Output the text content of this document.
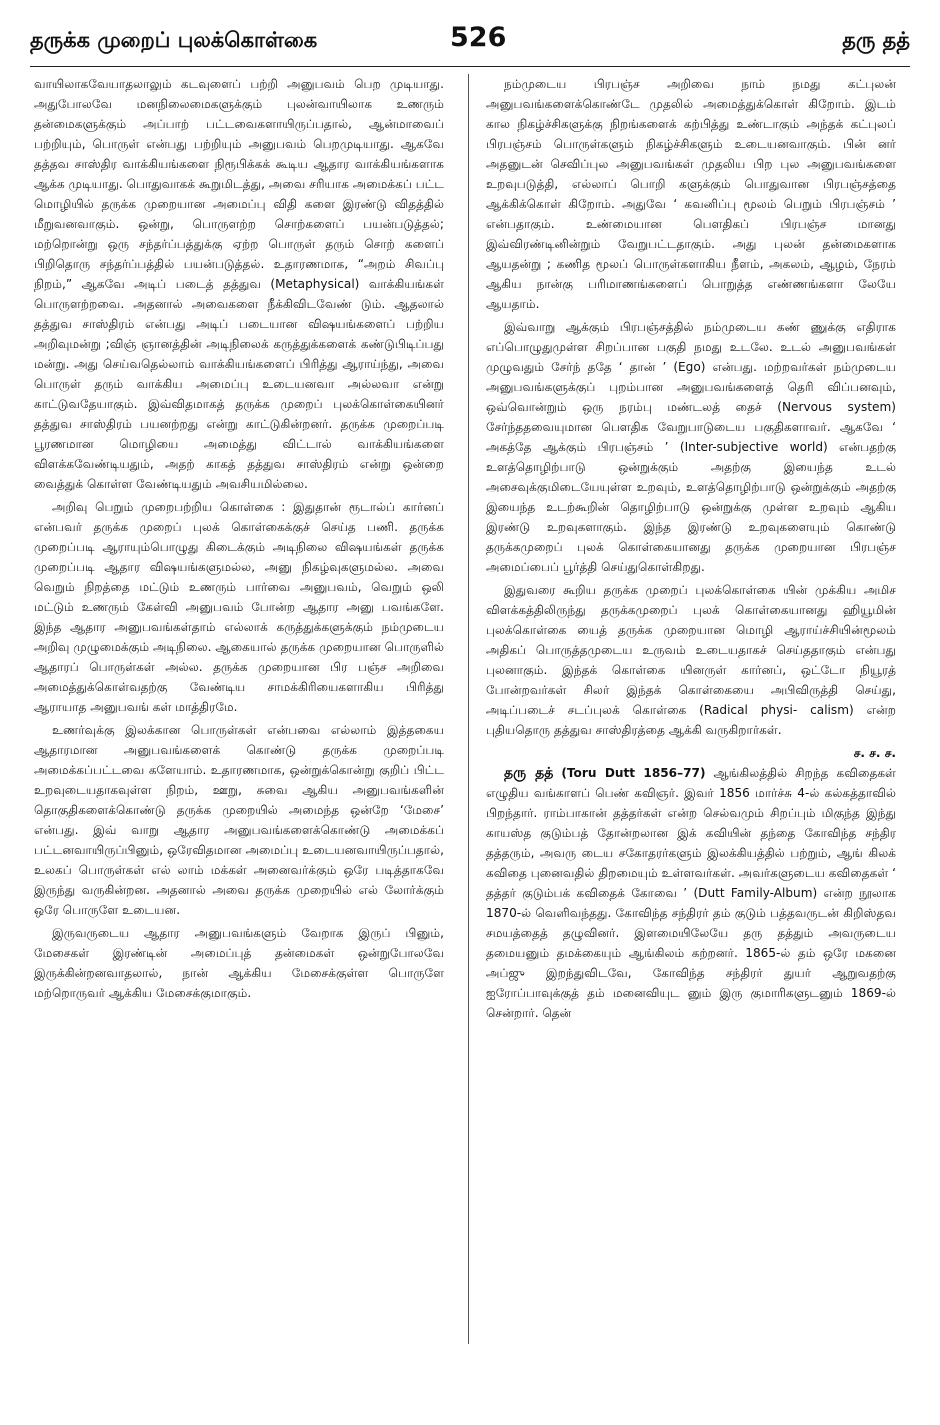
தருக்க முறைப் புலக்கொள்கை	526	தரு தத்

வாயிலாகவேயாதலாலும் கடவுளைப் பற்றி அனுபவம் பெற முடியாது. அதுபோலவே மனநிலைமைகளுக்கும் புலன்வாயிலாக உணரும் தன்மைகளுக்கும் அப்பாற் பட்டவைகளாயிருப்பதால், ஆன்மாவைப் பற்றியும், பொருள் என்பது பற்றியும் அனுபவம் பெறமுடியாது. ஆகவே தத்தவ சாஸ்திர வாக்கியங்களை நிரூபிக்கக் கூடிய ஆதார வாக்கியங்களாக ஆக்க முடியாது. பொதுவாகக் கூறுமிடத்து, அவை சரியாக அமைக்கப் பட்ட மொழியில் தருக்க முறையான அமைப்பு விதி களை இரண்டு விதத்தில் மீறுவனவாகும். ஒன்று, பொருளற்ற சொற்களைப் பயன்படுத்தல்; மற்றொன்று ஒரு சந்தர்ப்பத்துக்கு ஏற்ற பொருள் தரும் சொற் களைப் பிறிதொரு சந்தர்ப்பத்தில் பயன்படுத்தல். உதாரணமாக, “அறம் சிவப்பு நிறம்,” ஆகவே அடிப் படைத் தத்துவ (Metaphysical) வாக்கியங்கள் பொருளற்றவை. அதனால் அவைகளை நீக்கிவிடவேண் டும். ஆதலால் தத்துவ சாஸ்திரம் என்பது அடிப் படையான விஷயங்களைப் பற்றிய அறிவுமன்று ;விஞ் ஞானத்தின் அடிநிலைக் கருத்துக்களைக் கண்டுபிடிப்பது மன்று. அது செய்வதெல்லாம் வாக்கியங்களைப் பிரித்து ஆராய்ந்து, அவை பொருள் தரும் வாக்கிய அமைப்பு உடையனவா அல்லவா என்று காட்டுவதேயாகும். இவ்விதமாகத் தருக்க முறைப் புலக்கொள்கையினர் தத்துவ சாஸ்திரம் பயனற்றது என்று காட்டுகின்றனர். தருக்க முறைப்படி பூரணமான மொழியை அமைத்து விட்டால் வாக்கியங்களை விளக்கவேண்டியதும், அதற் காகத் தத்துவ சாஸ்திரம் என்று ஒன்றை வைத்துக் கொள்ள வேண்டியதும் அவசியமில்லை.

அறிவு பெறும் முறைபற்றிய கொள்கை : இதுதான் ரூடால்ப் கார்னப் என்பவர் தருக்க முறைப் புலக் கொள்கைக்குச் செய்த பணி. தருக்க முறைப்படி ஆராயும்பொழுது கிடைக்கும் அடிநிலை விஷயங்கள் தருக்க முறைப்படி ஆதார விஷயங்களுமல்ல, அனு நிகழ்வுகளுமல்ல. அவை வெறும் நிறத்தை மட்டும் உணரும் பார்வை அனுபவம், வெறும் ஒலி மட்டும் உணரும் கேள்வி அனுபவம் போன்ற ஆதார அனு பவங்களே. இந்த ஆதார அனுபவங்கள்தாம் எல்லாக் கருத்துக்களுக்கும் நம்முடைய அறிவு முழுமைக்கும் அடிநிலை. ஆகையால் தருக்க முறையான பொருளில் ஆதாரப் பொருள்கள் அல்ல. தருக்க முறையான பிர பஞ்ச அறிவை அமைத்துக்கொள்வதற்கு வேண்டிய சாமக்கிரியைகளாகிய பிரித்து ஆராயாத அனுபவங் கள் மாத்திரமே.

உணர்வுக்கு இலக்கான பொருள்கள் என்பவை எல்லாம் இத்தகைய ஆதாரமான அனுபவங்களைக் கொண்டு தருக்க முறைப்படி அமைக்கப்பட்டவை களேயாம். உதாரணமாக, ஒன்றுக்கொன்று குறிப் பிட்ட உறவுடையதாகவுள்ள நிறம், ஊறு, சுவை ஆகிய அனுபவங்களின் தொகுதிகளைக்கொண்டு தருக்க முறையில் அமைந்த ஒன்றே ‘மேசை’ என்பது. இவ் வாறு ஆதார அனுபவங்களைக்கொண்டு அமைக்கப் பட்டனவாயிருப்பினும், ஒரேவிதமான அமைப்பு உடையனவாயிருப்பதால், உலகப் பொருள்கள் எல் லாம் மக்கள் அனைவர்க்கும் ஒரே படித்தாகவே இருந்து வருகின்றன. அதனால் அவை தருக்க முறையில் எல் லோர்க்கும் ஒரே பொருளே உடையன.

இருவருடைய ஆதார அனுபவங்களும் வேறாக இருப் பினும், மேசைகள் இரண்டின் அமைப்புத் தன்மைகள் ஒன்றுபோலவே இருக்கின்றனவாதலால், நான் ஆக்கிய மேசைக்குள்ள பொருளே மற்றொருவர் ஆக்கிய மேசைக்குமாகும்.

நம்முடைய பிரபஞ்ச அறிவை நாம் நமது கட்புலன் அனுபவங்களைக்கொண்டே முதலில் அமைத்துக்கொள் கிறோம். இடம் கால நிகழ்ச்சிகளுக்கு நிறங்களைக் கற்பித்து உண்டாகும் அந்தக் கட்புலப் பிரபஞ்சம் பொருள்களும் நிகழ்ச்சிகளும் உடையனவாகும். பின் னர் அதனுடன் செவிப்புல அனுபவங்கள் முதலிய பிற புல அனுபவங்களை உறவுபடுத்தி, எல்லாப் பொறி களுக்கும் பொதுவான பிரபஞ்சத்தை ஆக்கிக்கொள் கிறோம். அதுவே ‘ கவனிப்பு மூலம் பெறும் பிரபஞ்சம் ’ என்பதாகும். உண்மையான பௌதிகப் பிரபஞ்ச மானது இவ்விரண்டினின்றும் வேறுபட்டதாகும். அது புலன் தன்மைகளாக ஆயதன்று ; கணித மூலப் பொருள்களாகிய நீளம், அகலம், ஆழம், நேரம் ஆகிய நான்கு பரிமாணங்களைப் பொறுத்த எண்ணங்களா லேயே ஆயதாம்.

இவ்வாறு ஆக்கும் பிரபஞ்சத்தில் நம்முடைய கண் ணுக்கு எதிராக எப்பொழுதுமுள்ள சிறப்பான பகுதி நமது உடலே. உடல் அனுபவங்கள் முழுவதும் சேர்ந் ததே ‘ தான் ’ (Ego) என்பது. மற்றவர்கள் நம்முடைய அனுபவங்களுக்குப் புறம்பான அனுபவங்களைத் தெரி விப்பனவும், ஒவ்வொன்றும் ஒரு நரம்பு மண்டலத் தைச் (Nervous system) சேர்ந்ததவையுமான பௌதிக வேறுபாடுடைய பகுதிகளாவர். ஆகவே ‘ அகத்தே ஆக்கும் பிரபஞ்சம் ’ (Inter-subjective world) என்பதற்கு உளத்தொழிற்பாடு ஒன்றுக்கும் அதற்கு இயைந்த உடல் அசைவுக்குமிடையேயுள்ள உறவும், உளத்தொழிற்பாடு ஒன்றுக்கும் அதற்கு இயைந்த உடற்கூறின் தொழிற்பாடு ஒன்றுக்கு முள்ள உறவும் ஆகிய இரண்டு உறவுகளாகும். இந்த இரண்டு உறவுகளையும் கொண்டு தருக்கமுறைப் புலக் கொள்கையானது தருக்க முறையான பிரபஞ்ச அமைப்பைப் பூர்த்தி செய்துகொள்கிறது.

இதுவரை கூறிய தருக்க முறைப் புலக்கொள்கை யின் முக்கிய அமிச விளக்கத்திலிருந்து தருக்கமுறைப் புலக் கொள்கையானது ஹியூமின் புலக்கொள்கை யைத் தருக்க முறையான மொழி ஆராய்ச்சியின்மூலம் அதிகப் பொருத்தமுடைய உருவம் உடையதாகச் செய்ததாகும் என்பது புலனாகும். இந்தக் கொள்கை யினருள் கார்னப், ஒட்டோ நியூரத் போன்றவர்கள் சிலர் இந்தக் கொள்கையை அபிவிருத்தி செய்து, அடிப்படைச் சடப்புலக் கொள்கை (Radical physi- calism) என்ற புதியதொரு தத்துவ சாஸ்திரத்தை ஆக்கி வருகிறார்கள்.

ச. ச. ச.

தரு தத் (Toru Dutt 1856–77) ஆங்கிலத்தில் சிறந்த கவிதைகள் எழுதிய வங்காளப் பெண் கவிஞர். இவர் 1856 மார்ச்சு 4-ல் கல்கத்தாவில் பிறந்தார். ராம்பாகான் தத்தர்கள் என்ற செல்வமும் சிறப்பும் மிகுந்த இந்து காயஸ்த குடும்பத் தோன்றலான இக் கவியின் தந்தை கோவிந்த சந்திர தத்தரும், அவரு டைய சகோதரர்களும் இலக்கியத்தில் பற்றும், ஆங் கிலக் கவிதை புனைவதில் திறமையும் உள்ளவர்கள். அவர்களுடைய கவிதைகள் ‘ தத்தர் குடும்பக் கவிதைக் கோவை ’ (Dutt Family-Album) என்ற நூலாக 1870-ல் வெளிவந்தது. கோவிந்த சந்திரர் தம் குடும் பத்தவருடன் கிறிஸ்தவ சமயத்தைத் தழுவினர். இளமையிலேயே தரு தத்தும் அவருடைய தமையனும் தமக்கையும் ஆங்கிலம் கற்றனர். 1865-ல் தம் ஒரே மகனை அப்ஜு இறந்துவிடவே, கோவிந்த சந்திரர் துயர் ஆறுவதற்கு ஐரோப்பாவுக்குத் தம் மனைவியுட னும் இரு குமாரிகளுடனும் 1869-ல் சென்றார். தென்
